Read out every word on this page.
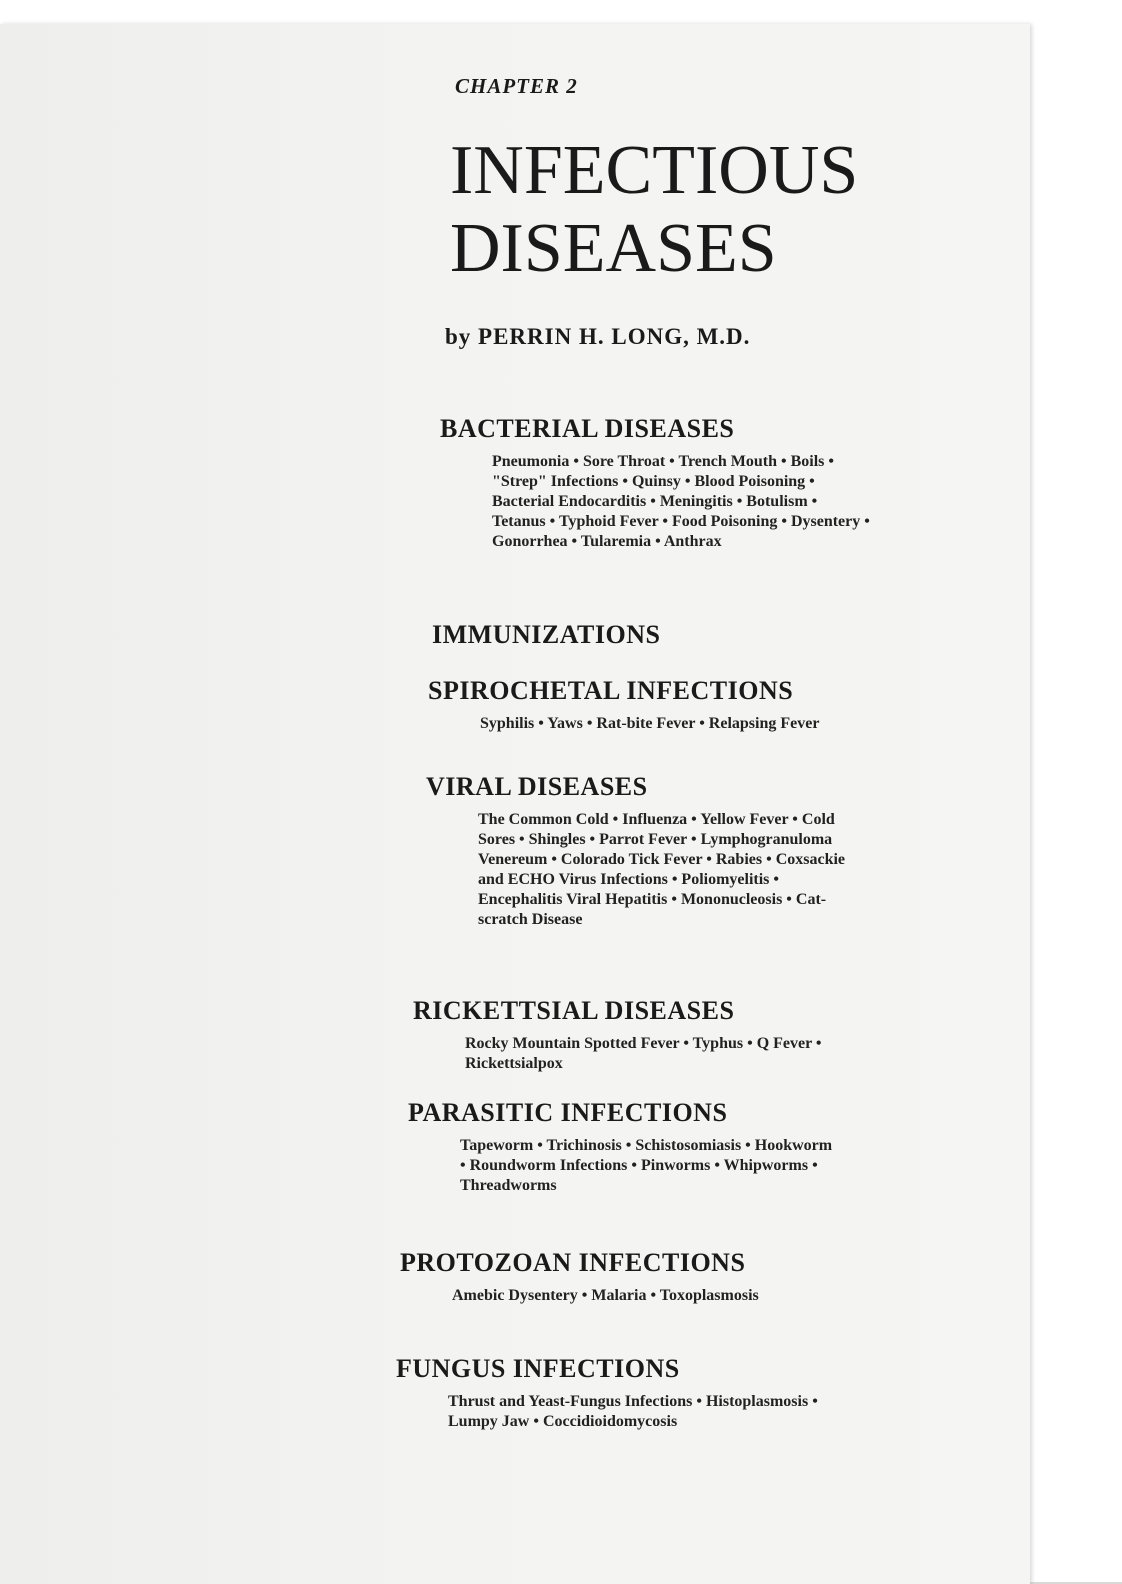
CHAPTER 2
INFECTIOUS
DISEASES
by PERRIN H. LONG, M.D.
BACTERIAL DISEASES
Pneumonia • Sore Throat • Trench Mouth • Boils • "Strep" Infections • Quinsy • Blood Poisoning • Bacterial Endocarditis • Meningitis • Botulism • Tetanus • Typhoid Fever • Food Poisoning • Dysentery • Gonorrhea • Tularemia • Anthrax
IMMUNIZATIONS
SPIROCHETAL INFECTIONS
Syphilis • Yaws • Rat-bite Fever • Relapsing Fever
VIRAL DISEASES
The Common Cold • Influenza • Yellow Fever • Cold Sores • Shingles • Parrot Fever • Lymphogranuloma Venereum • Colorado Tick Fever • Rabies • Coxsackie and ECHO Virus Infections • Poliomyelitis • Encephalitis Viral Hepatitis • Mononucleosis • Cat-scratch Disease
RICKETTSIAL DISEASES
Rocky Mountain Spotted Fever • Typhus • Q Fever • Rickettsialpox
PARASITIC INFECTIONS
Tapeworm • Trichinosis • Schistosomiasis • Hookworm • Roundworm Infections • Pinworms • Whipworms • Threadworms
PROTOZOAN INFECTIONS
Amebic Dysentery • Malaria • Toxoplasmosis
FUNGUS INFECTIONS
Thrust and Yeast-Fungus Infections • Histoplasmosis • Lumpy Jaw • Coccidioidomycosis
